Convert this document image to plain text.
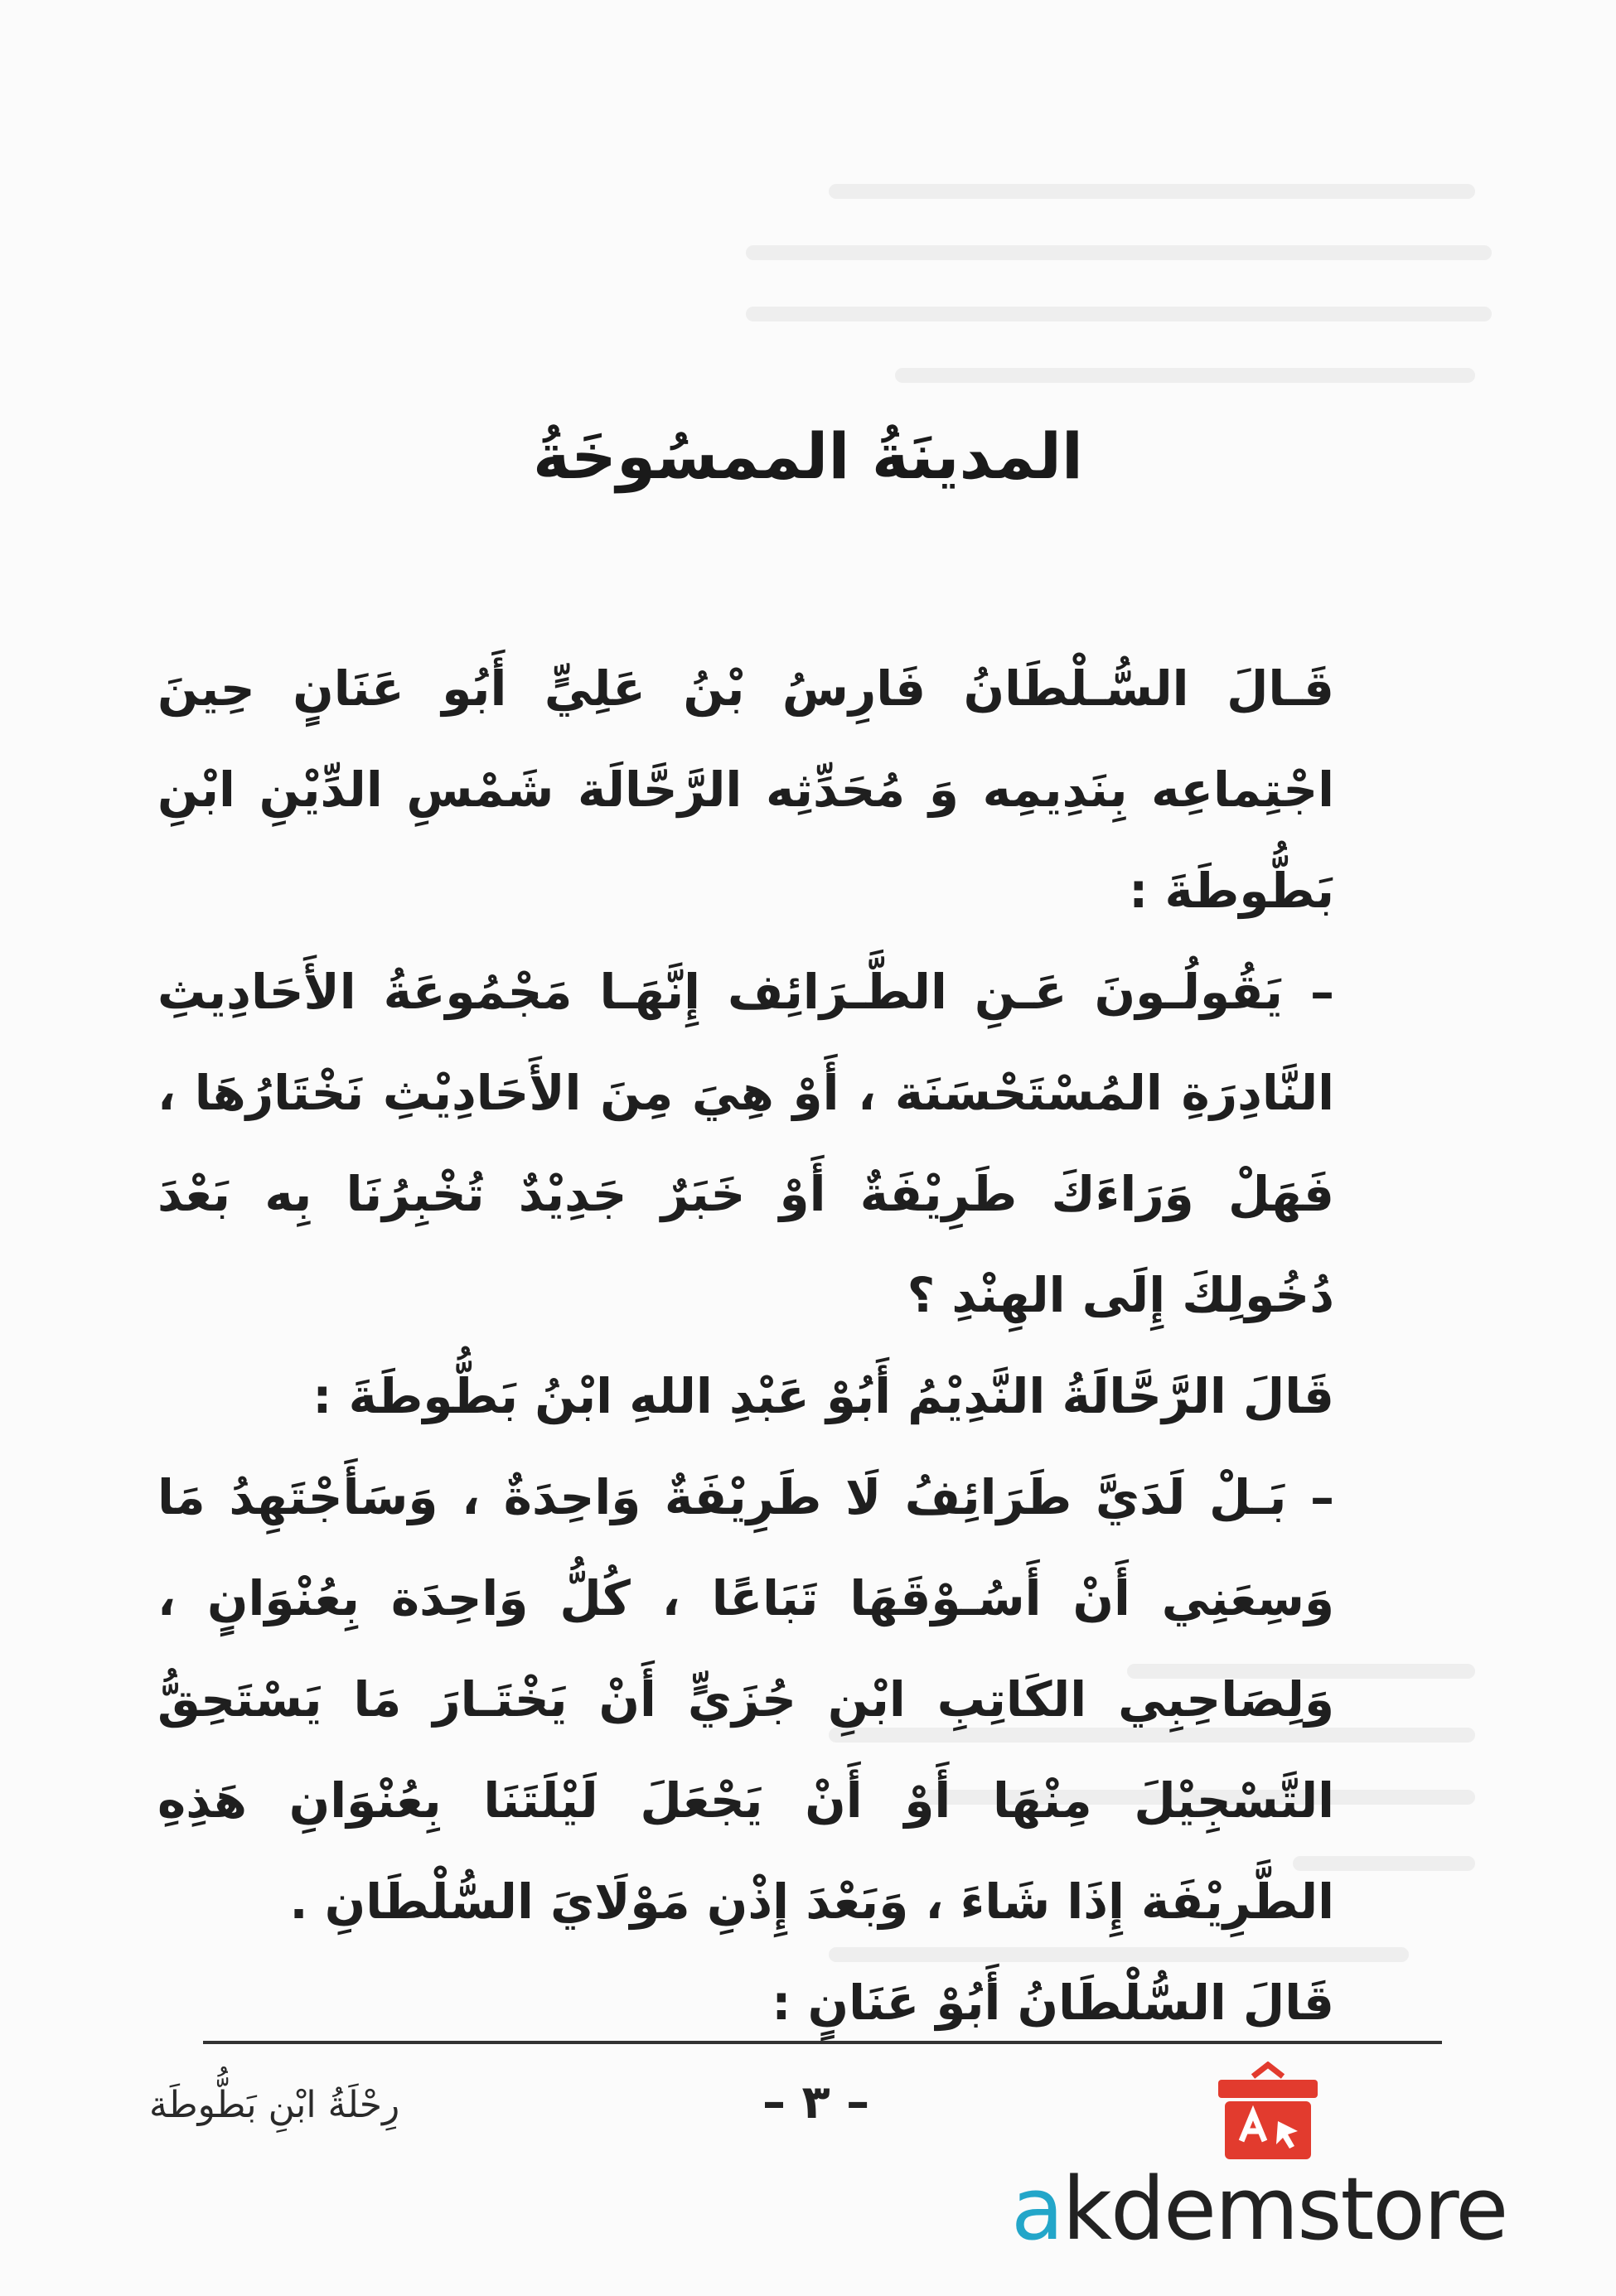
المدينَةُ الممسُوخَةُ

قَـالَ السُّـلْطَانُ فَارِسُ بْنُ عَلِيٍّ أَبُو عَنَانٍ حِينَ اجْتِماعِه بِنَدِيمِه وَ مُحَدِّثِه الرَّحَّالَة شَمْسِ الدِّيْنِ ابْنِ بَطُّوطَةَ :

– يَقُولُـونَ عَـنِ الطَّـرَائِف إِنَّهَـا مَجْمُوعَةُ الأَحَادِيثِ النَّادِرَةِ المُسْتَحْسَنَة ، أَوْ هِيَ مِنَ الأَحَادِيْثِ نَخْتَارُهَا ، فَهَلْ وَرَاءَكَ طَرِيْفَةٌ أَوْ خَبَرٌ جَدِيْدٌ تُخْبِرُنَا بِه بَعْدَ دُخُولِكَ إِلَى الهِنْدِ ؟

قَالَ الرَّحَّالَةُ النَّدِيْمُ أَبُوْ عَبْدِ اللهِ ابْنُ بَطُّوطَةَ :

– بَـلْ لَدَيَّ طَرَائِفُ لَا طَرِيْفَةٌ وَاحِدَةٌ ، وَسَأَجْتَهِدُ مَا وَسِعَنِي أَنْ أَسُـوْقَهَا تَبَاعًا ، كُلُّ وَاحِدَة بِعُنْوَانٍ ، وَلِصَاحِبِي الكَاتِبِ ابْنِ جُزَيٍّ أَنْ يَخْتَـارَ مَا يَسْتَحِقُّ التَّسْجِيْلَ مِنْهَا أَوْ أَنْ يَجْعَلَ لَيْلَتَنَا بِعُنْوَانِ هَذِهِ الطَّرِيْفَة إِذَا شَاءَ ، وَبَعْدَ إِذْنِ مَوْلَايَ السُّلْطَانِ .

قَالَ السُّلْطَانُ أَبُوْ عَنَانٍ :

رِحْلَةُ ابْنِ بَطُّوطَة	– ٣ –
akdemstore
